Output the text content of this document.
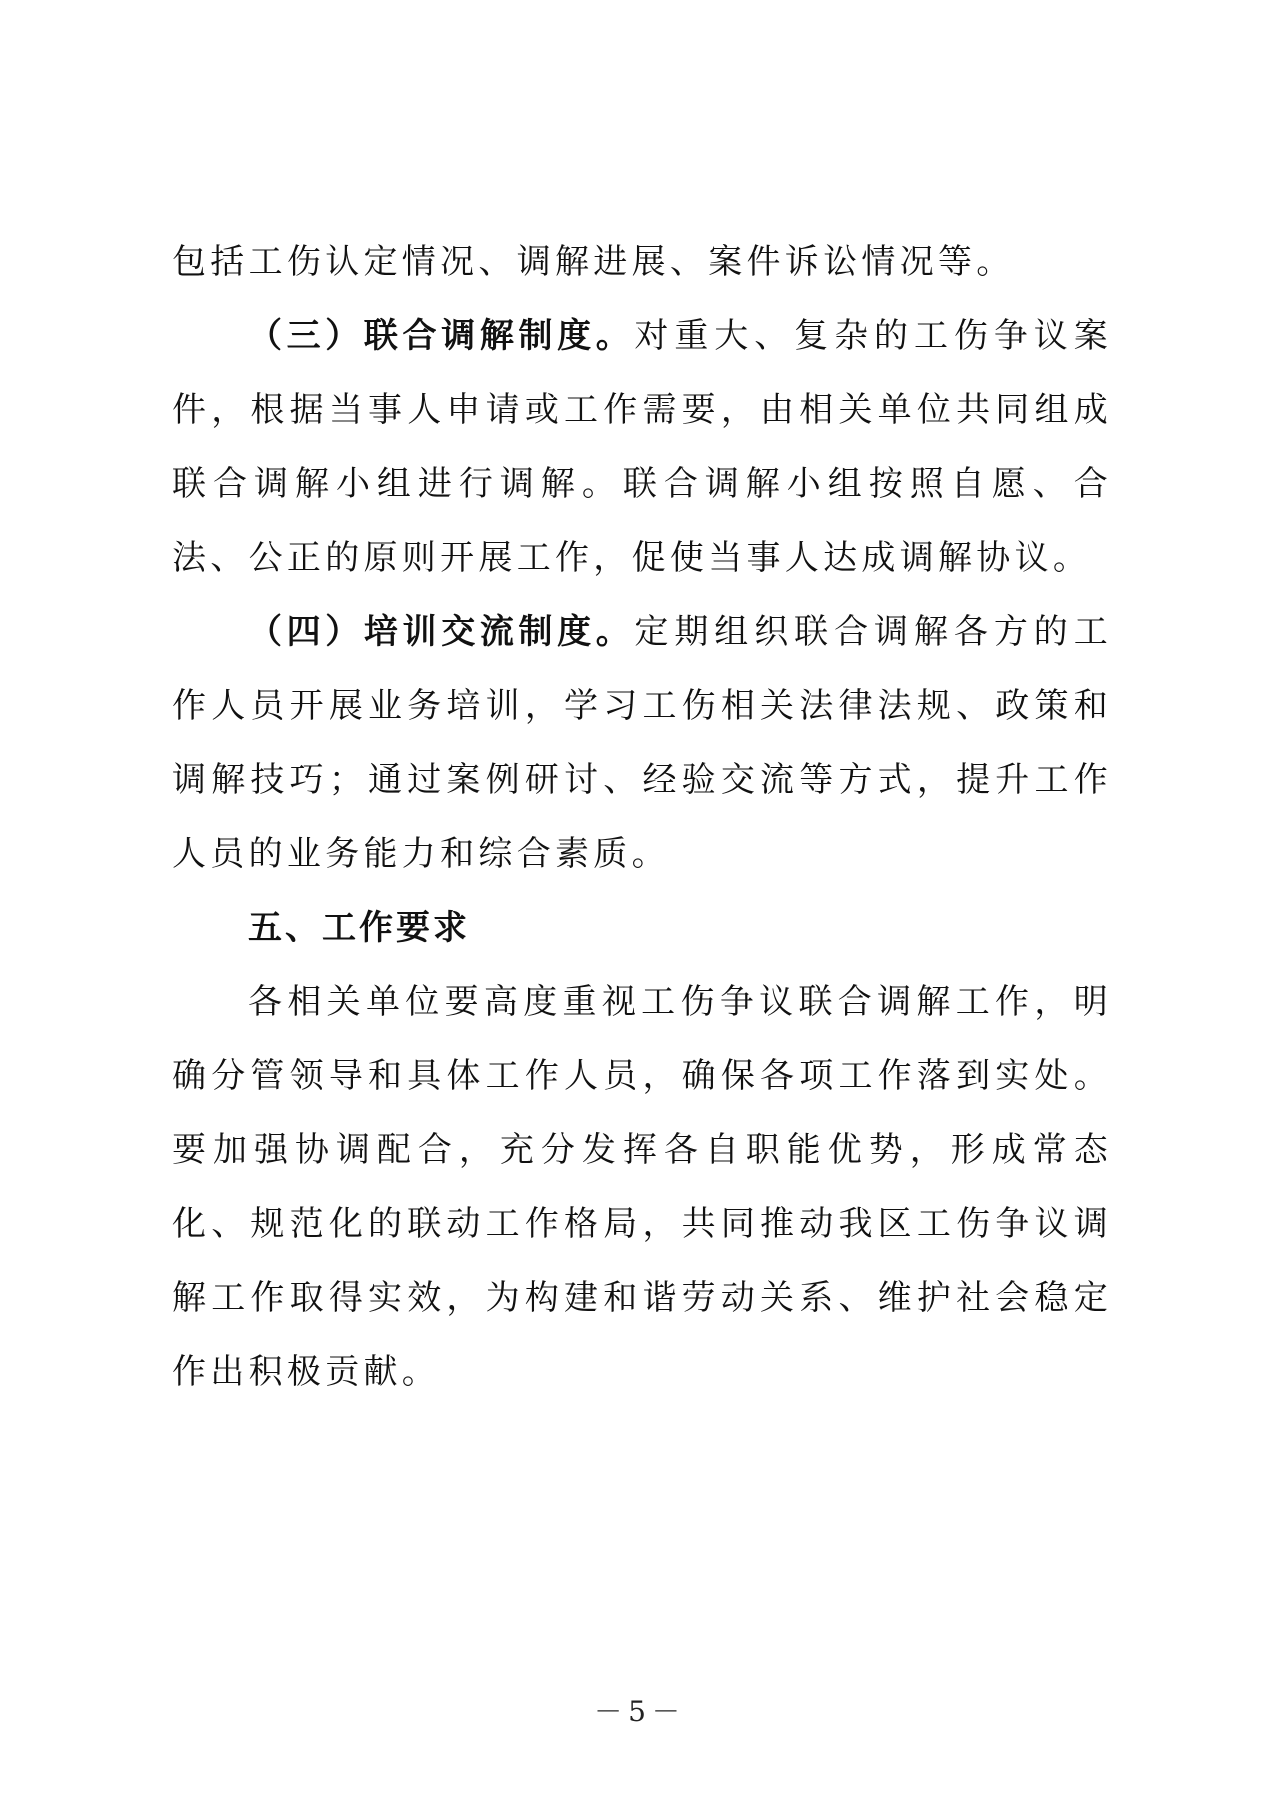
包括工伤认定情况、调解进展、案件诉讼情况等。

（三）联合调解制度。对重大、复杂的工伤争议案件，根据当事人申请或工作需要，由相关单位共同组成联合调解小组进行调解。联合调解小组按照自愿、合法、公正的原则开展工作，促使当事人达成调解协议。

（四）培训交流制度。定期组织联合调解各方的工作人员开展业务培训，学习工伤相关法律法规、政策和调解技巧；通过案例研讨、经验交流等方式，提升工作人员的业务能力和综合素质。

五、工作要求

各相关单位要高度重视工伤争议联合调解工作，明确分管领导和具体工作人员，确保各项工作落到实处。要加强协调配合，充分发挥各自职能优势，形成常态化、规范化的联动工作格局，共同推动我区工伤争议调解工作取得实效，为构建和谐劳动关系、维护社会稳定作出积极贡献。

－5－
